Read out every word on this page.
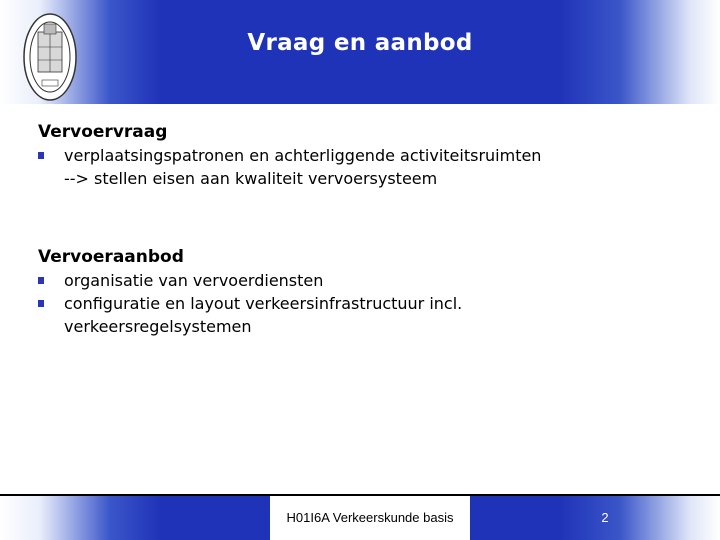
Vraag en aanbod
Vervoervraag
verplaatsingspatronen en achterliggende activiteitsruimten
--> stellen eisen aan kwaliteit vervoersysteem
Vervoeraanbod
organisatie van vervoerdiensten
configuratie en layout verkeersinfrastructuur incl.
verkeersregelsystemen
H01I6A Verkeerskunde basis	2
